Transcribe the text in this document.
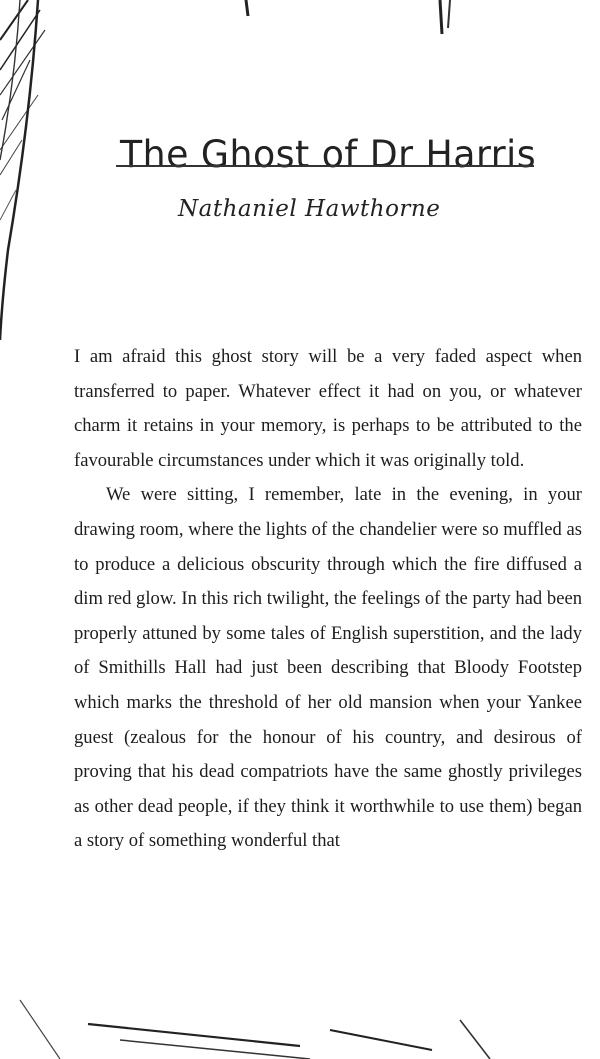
The Ghost of Dr Harris
Nathaniel Hawthorne

I am afraid this ghost story will be a very faded aspect when transferred to paper. Whatever effect it had on you, or whatever charm it retains in your memory, is perhaps to be attributed to the favourable circumstances under which it was originally told.

We were sitting, I remember, late in the evening, in your drawing room, where the lights of the chandelier were so muffled as to produce a delicious obscurity through which the fire diffused a dim red glow. In this rich twilight, the feelings of the party had been properly attuned by some tales of English superstition, and the lady of Smithills Hall had just been describing that Bloody Footstep which marks the threshold of her old mansion when your Yankee guest (zealous for the honour of his country, and desirous of proving that his dead compatriots have the same ghostly privileges as other dead people, if they think it worthwhile to use them) began a story of something wonderful that
